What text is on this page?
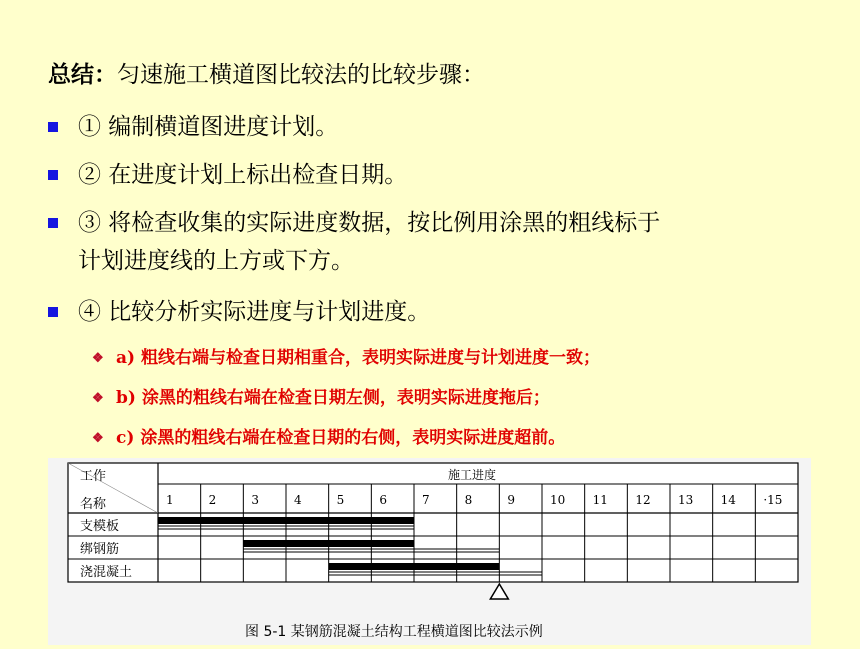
总结：匀速施工横道图比较法的比较步骤：
① 编制横道图进度计划。
② 在进度计划上标出检查日期。
③ 将检查收集的实际进度数据，按比例用涂黑的粗线标于
计划进度线的上方或下方。
④ 比较分析实际进度与计划进度。
❖ a) 粗线右端与检查日期相重合，表明实际进度与计划进度一致；
❖ b) 涂黑的粗线右端在检查日期左侧，表明实际进度拖后；
❖ c) 涂黑的粗线右端在检查日期的右侧，表明实际进度超前。
工作
名称
施工进度
1	2	3	4	5	6	7	8	9	10 11 12 13 14 ·15
支模板
绑钢筋
浇混凝土
图 5-1 某钢筋混凝土结构工程横道图比较法示例
